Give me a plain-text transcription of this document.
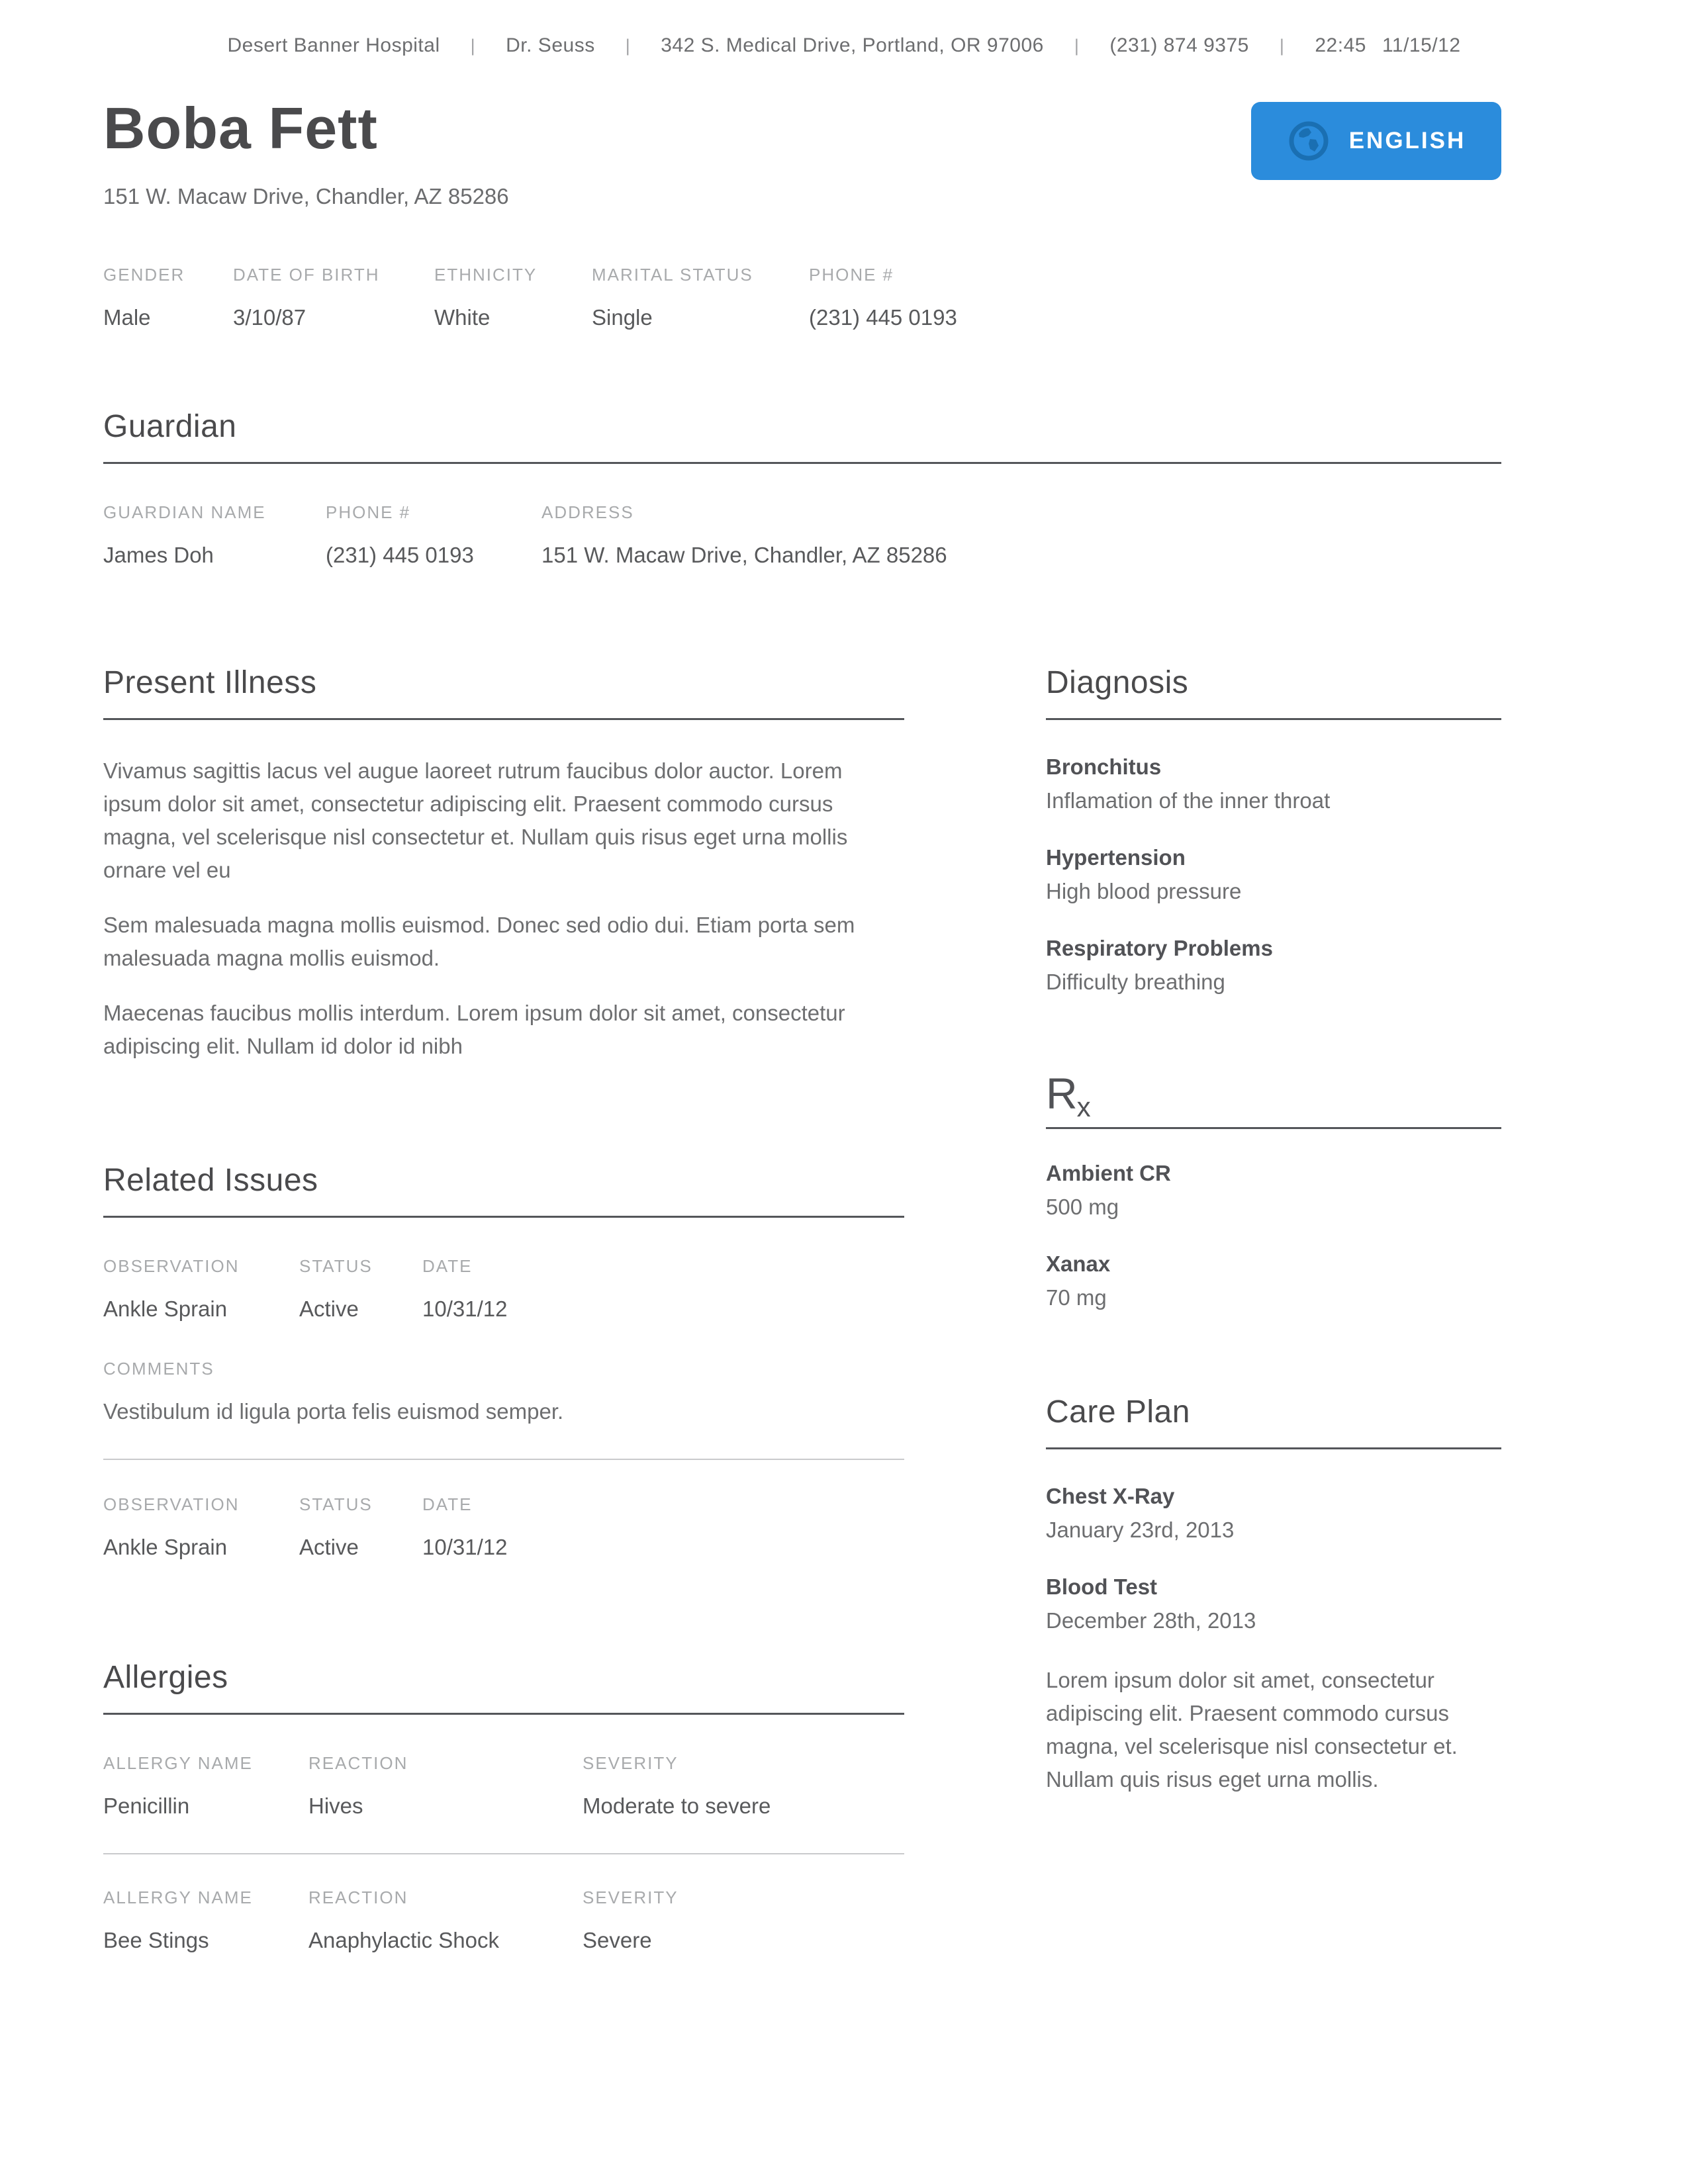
Desert Banner Hospital | Dr. Seuss | 342 S. Medical Drive, Portland, OR 97006 | (231) 874 9375 | 22:45 11/15/12
Boba Fett
151 W. Macaw Drive, Chandler, AZ 85286
ENGLISH
GENDER	DATE OF BIRTH	ETHNICITY	MARITAL STATUS	PHONE #
Male	3/10/87	White	Single	(231) 445 0193
Guardian
GUARDIAN NAME	PHONE #	ADDRESS
James Doh	(231) 445 0193	151 W. Macaw Drive, Chandler, AZ 85286
Present Illness

Vivamus sagittis lacus vel augue laoreet rutrum faucibus dolor auctor. Lorem ipsum dolor sit amet, consectetur adipiscing elit. Praesent commodo cursus magna, vel scelerisque nisl consectetur et. Nullam quis risus eget urna mollis ornare vel eu

Sem malesuada magna mollis euismod. Donec sed odio dui. Etiam porta sem malesuada magna mollis euismod.

Maecenas faucibus mollis interdum. Lorem ipsum dolor sit amet, consectetur adipiscing elit. Nullam id dolor id nibh

Related Issues
OBSERVATION	STATUS	DATE
Ankle Sprain	Active	10/31/12
COMMENTS
Vestibulum id ligula porta felis euismod semper.
OBSERVATION	STATUS	DATE
Ankle Sprain	Active	10/31/12
Allergies
ALLERGY NAME	REACTION	SEVERITY
Penicillin	Hives	Moderate to severe
ALLERGY NAME	REACTION	SEVERITY
Bee Stings	Anaphylactic Shock	Severe
Diagnosis
Bronchitus
Inflamation of the inner throat
Hypertension
High blood pressure
Respiratory Problems
Difficulty breathing
Rx
Ambient CR
500 mg
Xanax
70 mg
Care Plan
Chest X-Ray
January 23rd, 2013
Blood Test
December 28th, 2013
Lorem ipsum dolor sit amet, consectetur adipiscing elit. Praesent commodo cursus magna, vel scelerisque nisl consectetur et. Nullam quis risus eget urna mollis.
